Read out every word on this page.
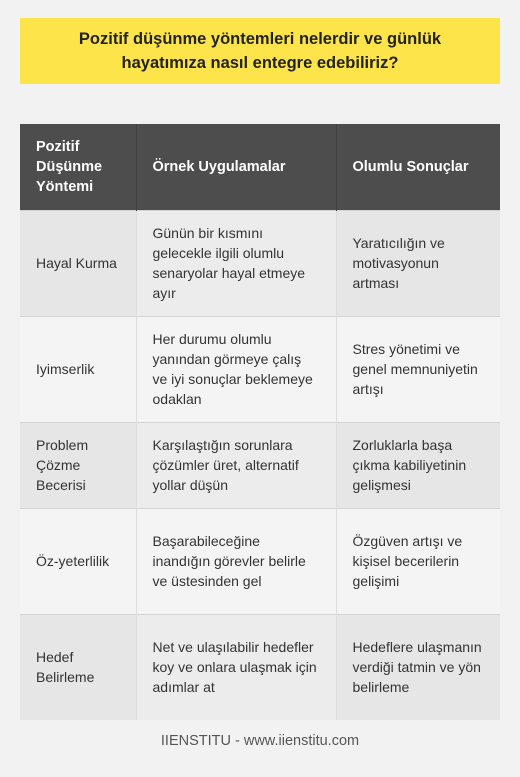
Pozitif düşünme yöntemleri nelerdir ve günlük
hayatımıza nasıl entegre edebiliriz?
Pozitif Düşünme Yöntemi	Örnek Uygulamalar	Olumlu Sonuçlar
Hayal Kurma	Günün bir kısmını gelecekle ilgili olumlu senaryolar hayal etmeye ayır	Yaratıcılığın ve motivasyonun artması
Iyimserlik	Her durumu olumlu yanından görmeye çalış ve iyi sonuçlar beklemeye odaklan	Stres yönetimi ve genel memnuniyetin artışı
Problem Çözme Becerisi	Karşılaştığın sorunlara çözümler üret, alternatif yollar düşün	Zorluklarla başa çıkma kabiliyetinin gelişmesi
Öz-yeterlilik	Başarabileceğine inandığın görevler belirle ve üstesinden gel	Özgüven artışı ve kişisel becerilerin gelişimi
Hedef Belirleme	Net ve ulaşılabilir hedefler koy ve onlara ulaşmak için adımlar at	Hedeflere ulaşmanın verdiği tatmin ve yön belirleme
IIENSTITU - www.iienstitu.com
